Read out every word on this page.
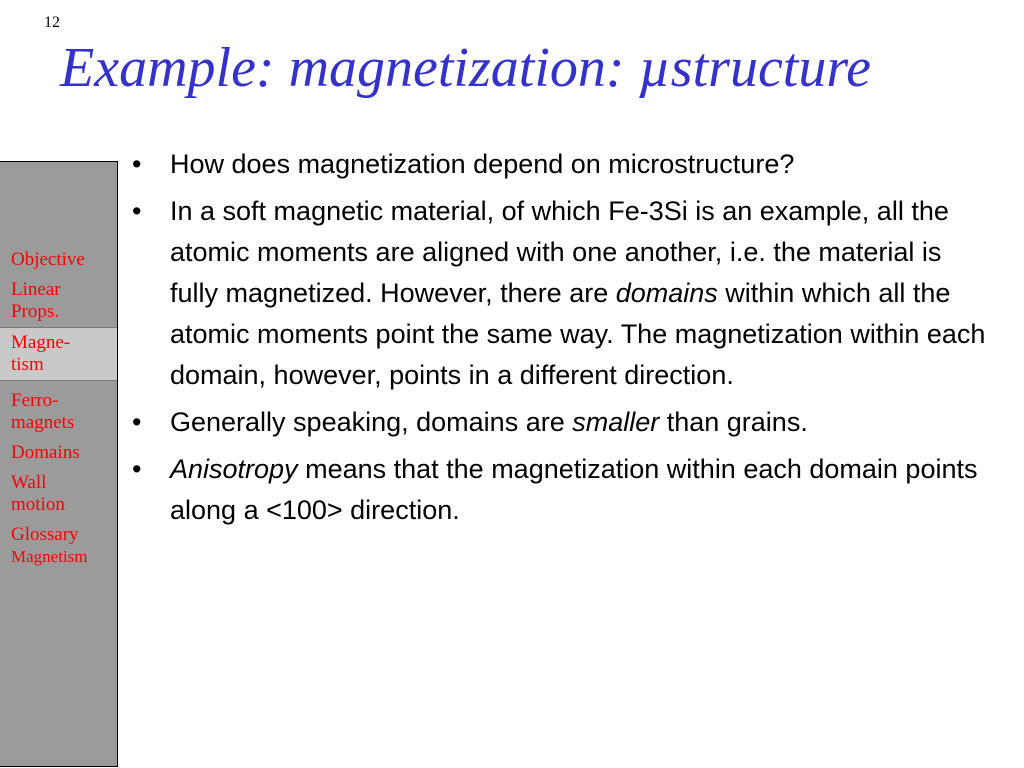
12
Example: magnetization: µstructure
Objective
Linear
Props.
Magne-
tism
Ferro-
magnets
Domains
Wall
motion
Glossary
Magnetism
• How does magnetization depend on microstructure?
• In a soft magnetic material, of which Fe-3Si is an example, all the atomic moments are aligned with one another, i.e. the material is fully magnetized. However, there are domains within which all the atomic moments point the same way. The magnetization within each domain, however, points in a different direction.
• Generally speaking, domains are smaller than grains.
• Anisotropy means that the magnetization within each domain points along a <100> direction.
